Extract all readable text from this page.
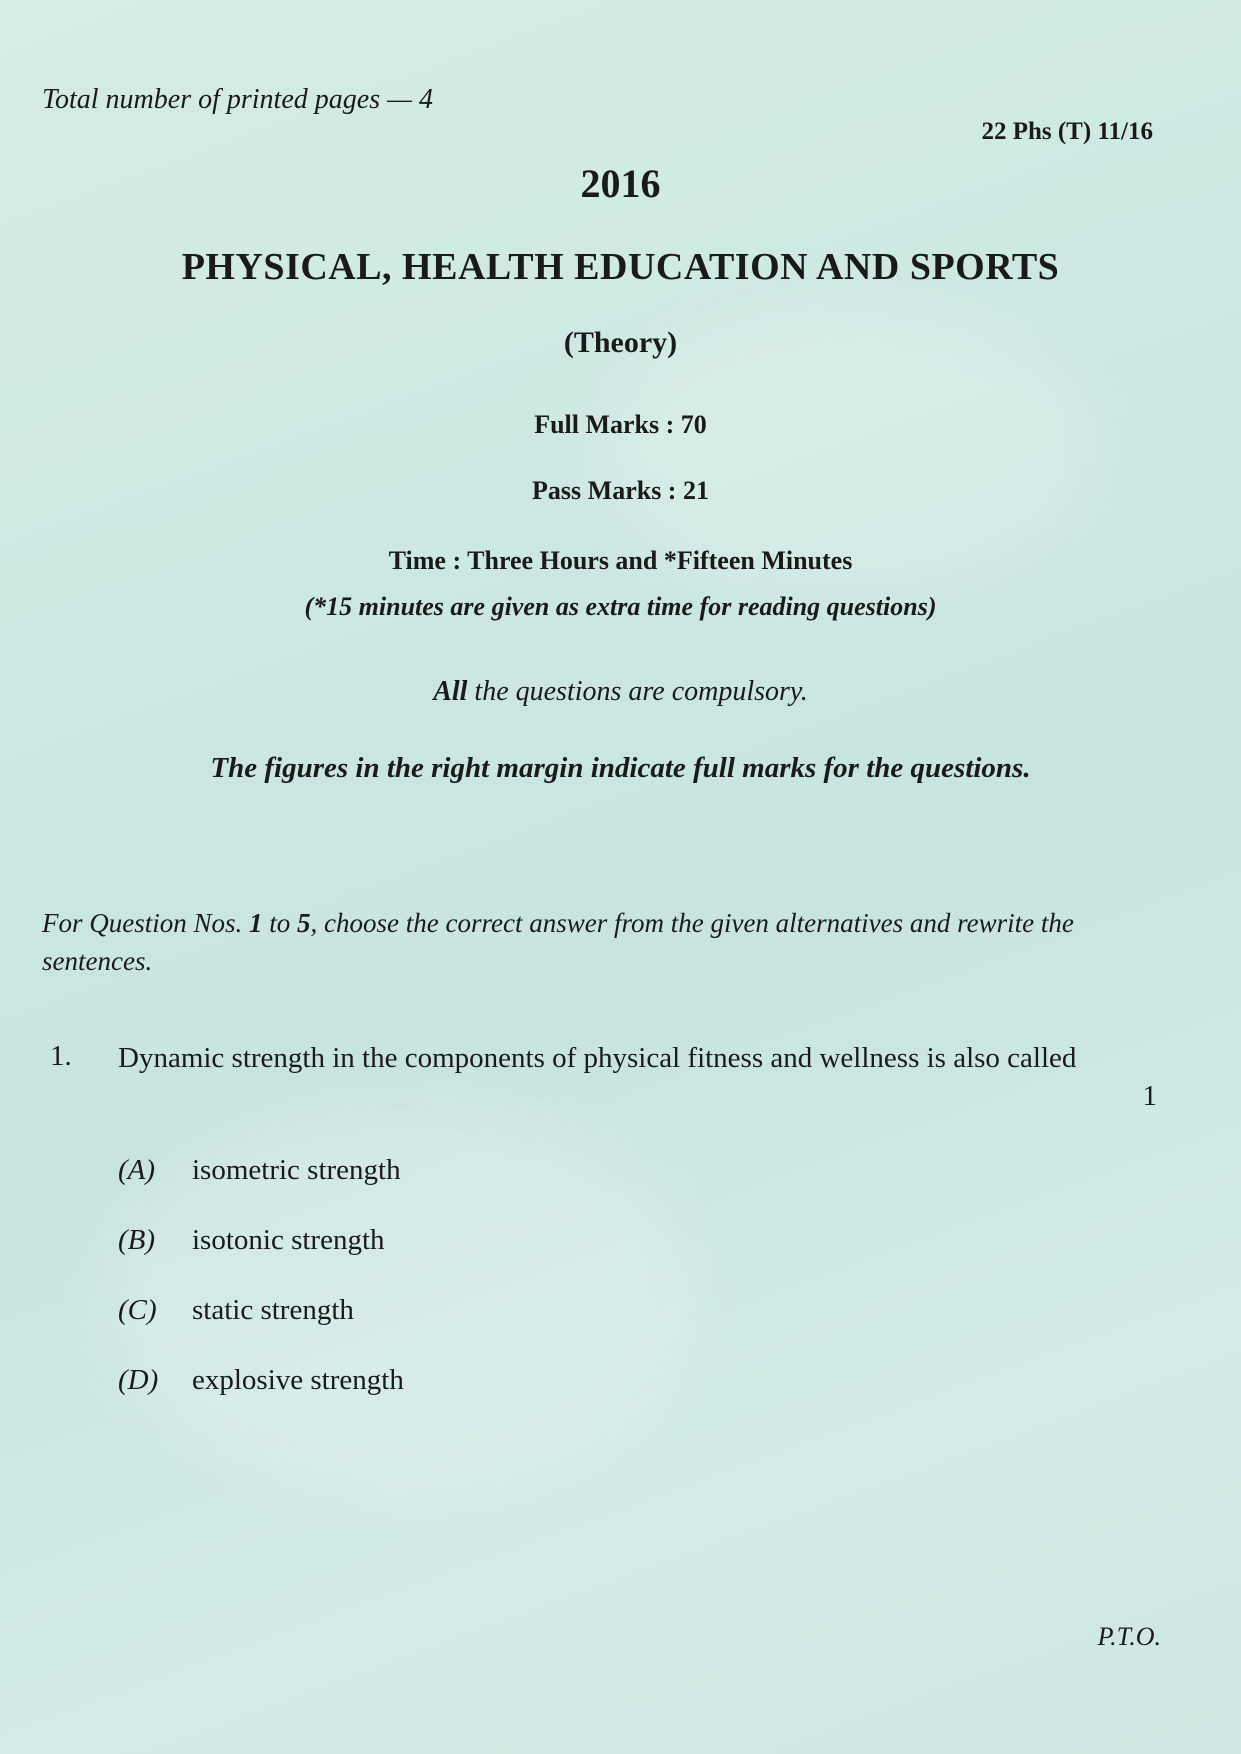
Total number of printed pages — 4
22 Phs (T) 11/16
2016
PHYSICAL, HEALTH EDUCATION AND SPORTS
(Theory)
Full Marks : 70
Pass Marks : 21
Time : Three Hours and *Fifteen Minutes
(*15 minutes are given as extra time for reading questions)
All the questions are compulsory.
The figures in the right margin indicate full marks for the questions.
For Question Nos. 1 to 5, choose the correct answer from the given alternatives and rewrite the sentences.
1. Dynamic strength in the components of physical fitness and wellness is also called
1
(A) isometric strength
(B) isotonic strength
(C) static strength
(D) explosive strength
P.T.O.
